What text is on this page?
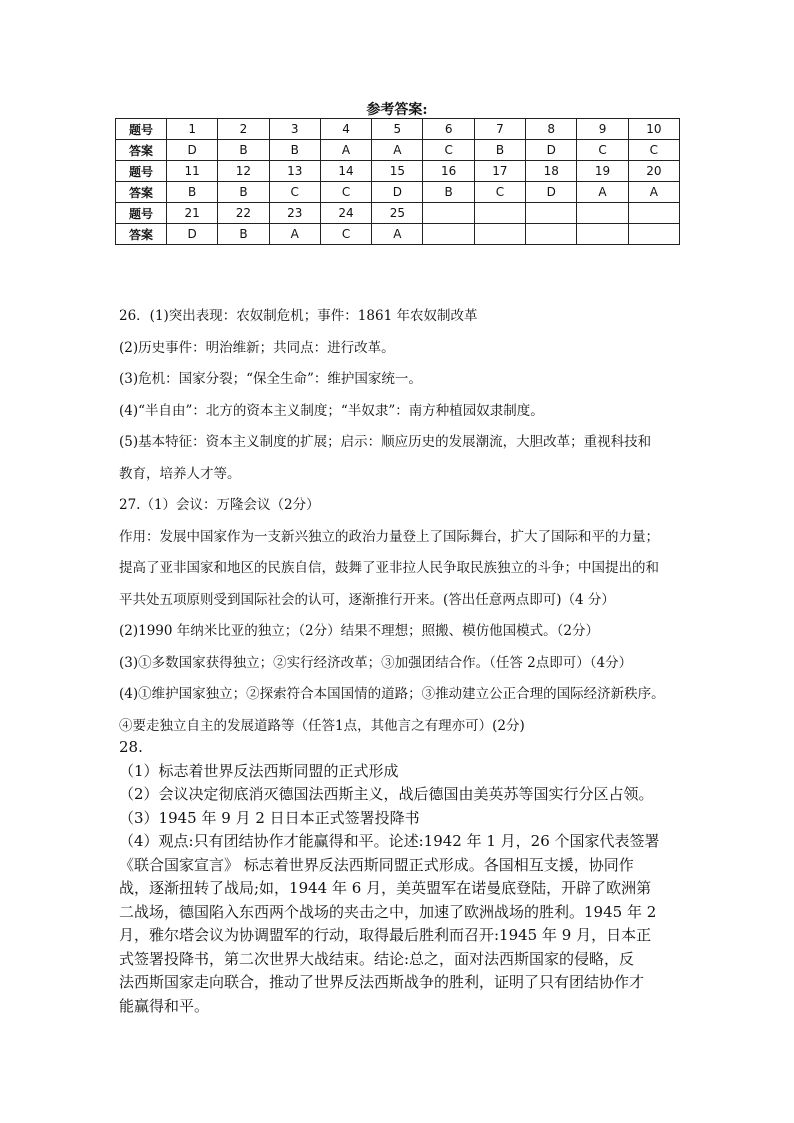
参考答案:
题号	1	2	3	4	5	6	7	8	9	10
答案	D	B	B	A	A	C	B	D	C	C
题号	11	12	13	14	15	16	17	18	19	20
答案	B	B	C	C	D	B	C	D	A	A
题号	21	22	23	24	25					
答案	D	B	A	C	A					

26．(1)突出表现：农奴制危机；事件：1861 年农奴制改革

(2)历史事件：明治维新；共同点：进行改革。

(3)危机：国家分裂；“保全生命”：维护国家统一。

(4)“半自由”：北方的资本主义制度；“半奴隶”：南方种植园奴隶制度。

(5)基本特征：资本主义制度的扩展；启示：顺应历史的发展潮流，大胆改革；重视科技和

教育，培养人才等。

27.（1）会议：万隆会议（2分）

作用：发展中国家作为一支新兴独立的政治力量登上了国际舞台，扩大了国际和平的力量；

提高了亚非国家和地区的民族自信，鼓舞了亚非拉人民争取民族独立的斗争；中国提出的和

平共处五项原则受到国际社会的认可，逐渐推行开来。(答出任意两点即可)（4 分）

(2)1990 年纳米比亚的独立；（2分）结果不理想；照搬、模仿他国模式。（2分）

(3)①多数国家获得独立；②实行经济改革；③加强团结合作。（任答 2点即可）（4分）

(4)①维护国家独立；②探索符合本国国情的道路；③推动建立公正合理的国际经济新秩序。

④要走独立自主的发展道路等（任答1点，其他言之有理亦可）(2分)

28.

（1）标志着世界反法西斯同盟的正式形成

（2）会议决定彻底消灭德国法西斯主义，战后德国由美英苏等国实行分区占领。

（3）1945 年 9 月 2 日日本正式签署投降书

（4）观点:只有团结协作才能赢得和平。论述:1942 年 1 月，26 个国家代表签署

《联合国家宣言》 标志着世界反法西斯同盟正式形成。各国相互支援，协同作

战，逐渐扭转了战局;如，1944 年 6 月，美英盟军在诺曼底登陆，开辟了欧洲第

二战场，德国陷入东西两个战场的夹击之中，加速了欧洲战场的胜利。1945 年 2

月，雅尔塔会议为协调盟军的行动，取得最后胜利而召开:1945 年 9 月，日本正

式签署投降书，第二次世界大战结束。结论:总之，面对法西斯国家的侵略，反

法西斯国家走向联合，推动了世界反法西斯战争的胜利，证明了只有团结协作才

能赢得和平。
